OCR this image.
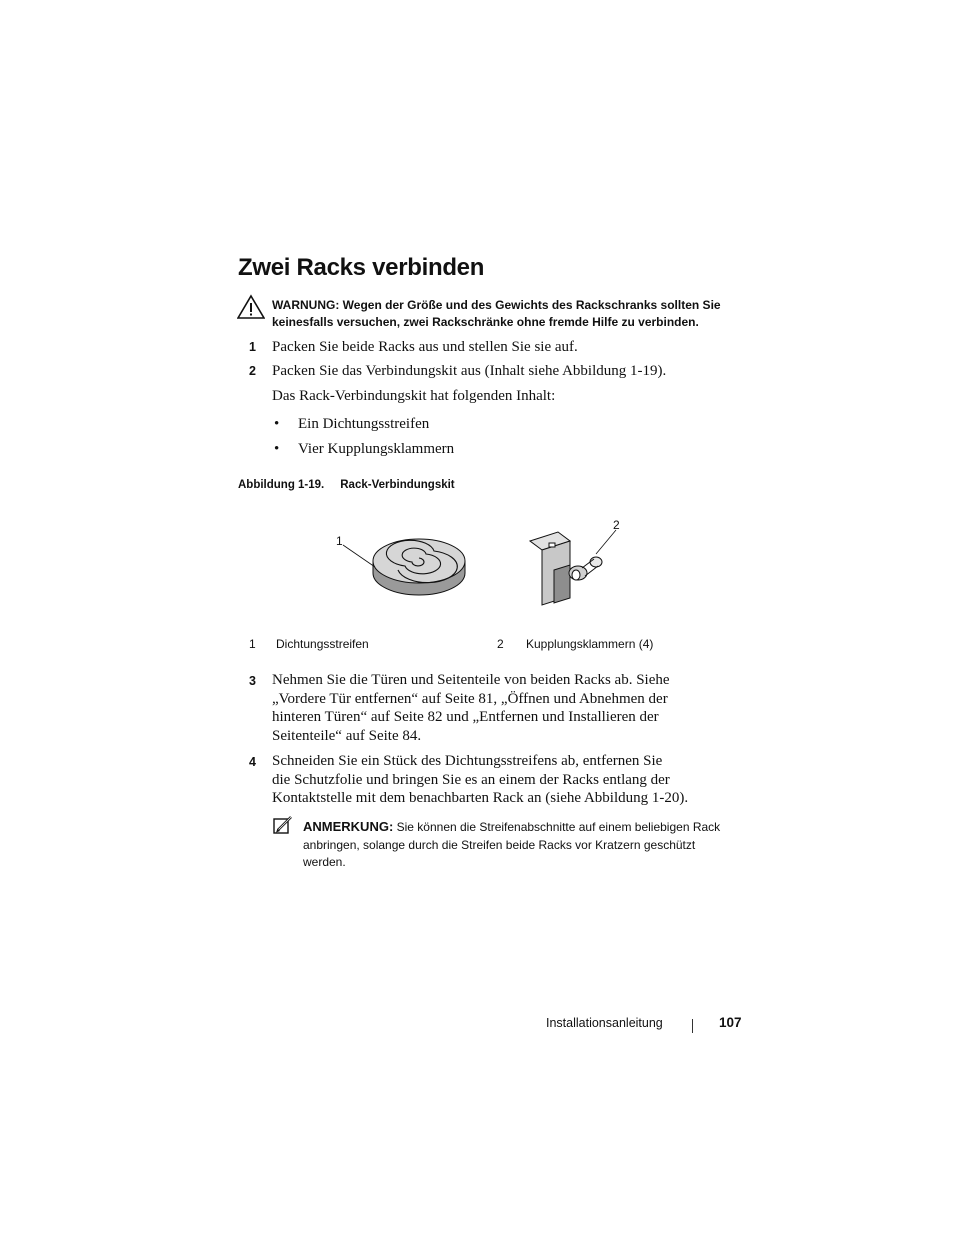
Zwei Racks verbinden
WARNUNG: Wegen der Größe und des Gewichts des Rackschranks sollten Sie keinesfalls versuchen, zwei Rackschränke ohne fremde Hilfe zu verbinden.
1 Packen Sie beide Racks aus und stellen Sie sie auf.
2 Packen Sie das Verbindungskit aus (Inhalt siehe Abbildung 1-19).
Das Rack-Verbindungskit hat folgenden Inhalt:
• Ein Dichtungsstreifen
• Vier Kupplungsklammern
Abbildung 1-19. Rack-Verbindungskit
1
2
1 Dichtungsstreifen	2 Kupplungsklammern (4)
3 Nehmen Sie die Türen und Seitenteile von beiden Racks ab. Siehe
„Vordere Tür entfernen“ auf Seite 81, „Öffnen und Abnehmen der
hinteren Türen“ auf Seite 82 und „Entfernen und Installieren der
Seitenteile“ auf Seite 84.
4 Schneiden Sie ein Stück des Dichtungsstreifens ab, entfernen Sie
die Schutzfolie und bringen Sie es an einem der Racks entlang der
Kontaktstelle mit dem benachbarten Rack an (siehe Abbildung 1-20).
ANMERKUNG: Sie können die Streifenabschnitte auf einem beliebigen Rack
anbringen, solange durch die Streifen beide Racks vor Kratzern geschützt
werden.
Installationsanleitung	107
